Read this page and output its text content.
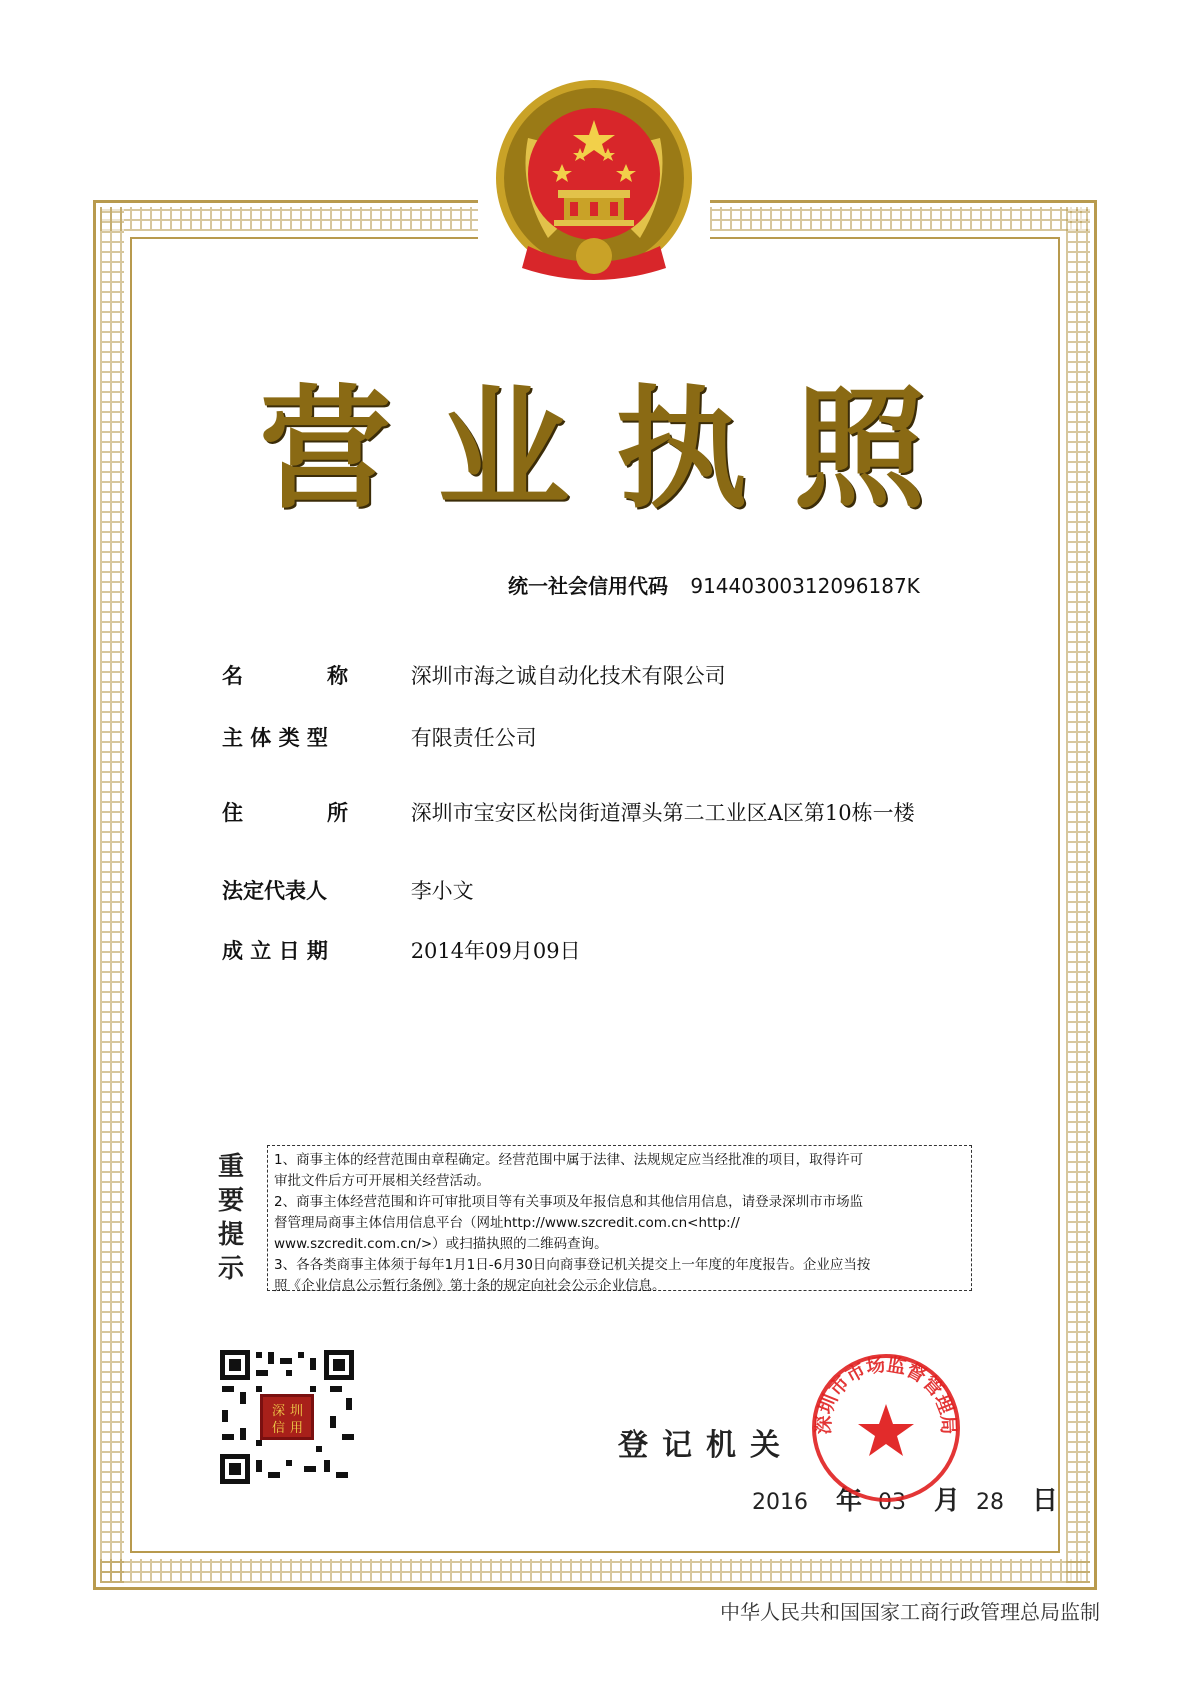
营业执照
统一社会信用代码 91440300312096187K
名　　　　称	深圳市海之诚自动化技术有限公司
主 体 类 型	有限责任公司
住　　　　所	深圳市宝安区松岗街道潭头第二工业区A区第10栋一楼
法定代表人	李小文
成 立 日 期	2014年09月09日
重要提示

1、商事主体的经营范围由章程确定。经营范围中属于法律、法规规定应当经批准的项目，取得许可

审批文件后方可开展相关经营活动。

2、商事主体经营范围和许可审批项目等有关事项及年报信息和其他信用信息，请登录深圳市市场监

督管理局商事主体信用信息平台（网址http://www.szcredit.com.cn<http://

www.szcredit.com.cn/>）或扫描执照的二维码查询。

3、各各类商事主体须于每年1月1日-6月30日向商事登记机关提交上一年度的年度报告。企业应当按

照《企业信息公示暂行条例》第十条的规定向社会公示企业信息。

深 圳
信 用	登记机关
2016 年 03 月 28 日
深圳市市场监督管理局
中华人民共和国国家工商行政管理总局监制
